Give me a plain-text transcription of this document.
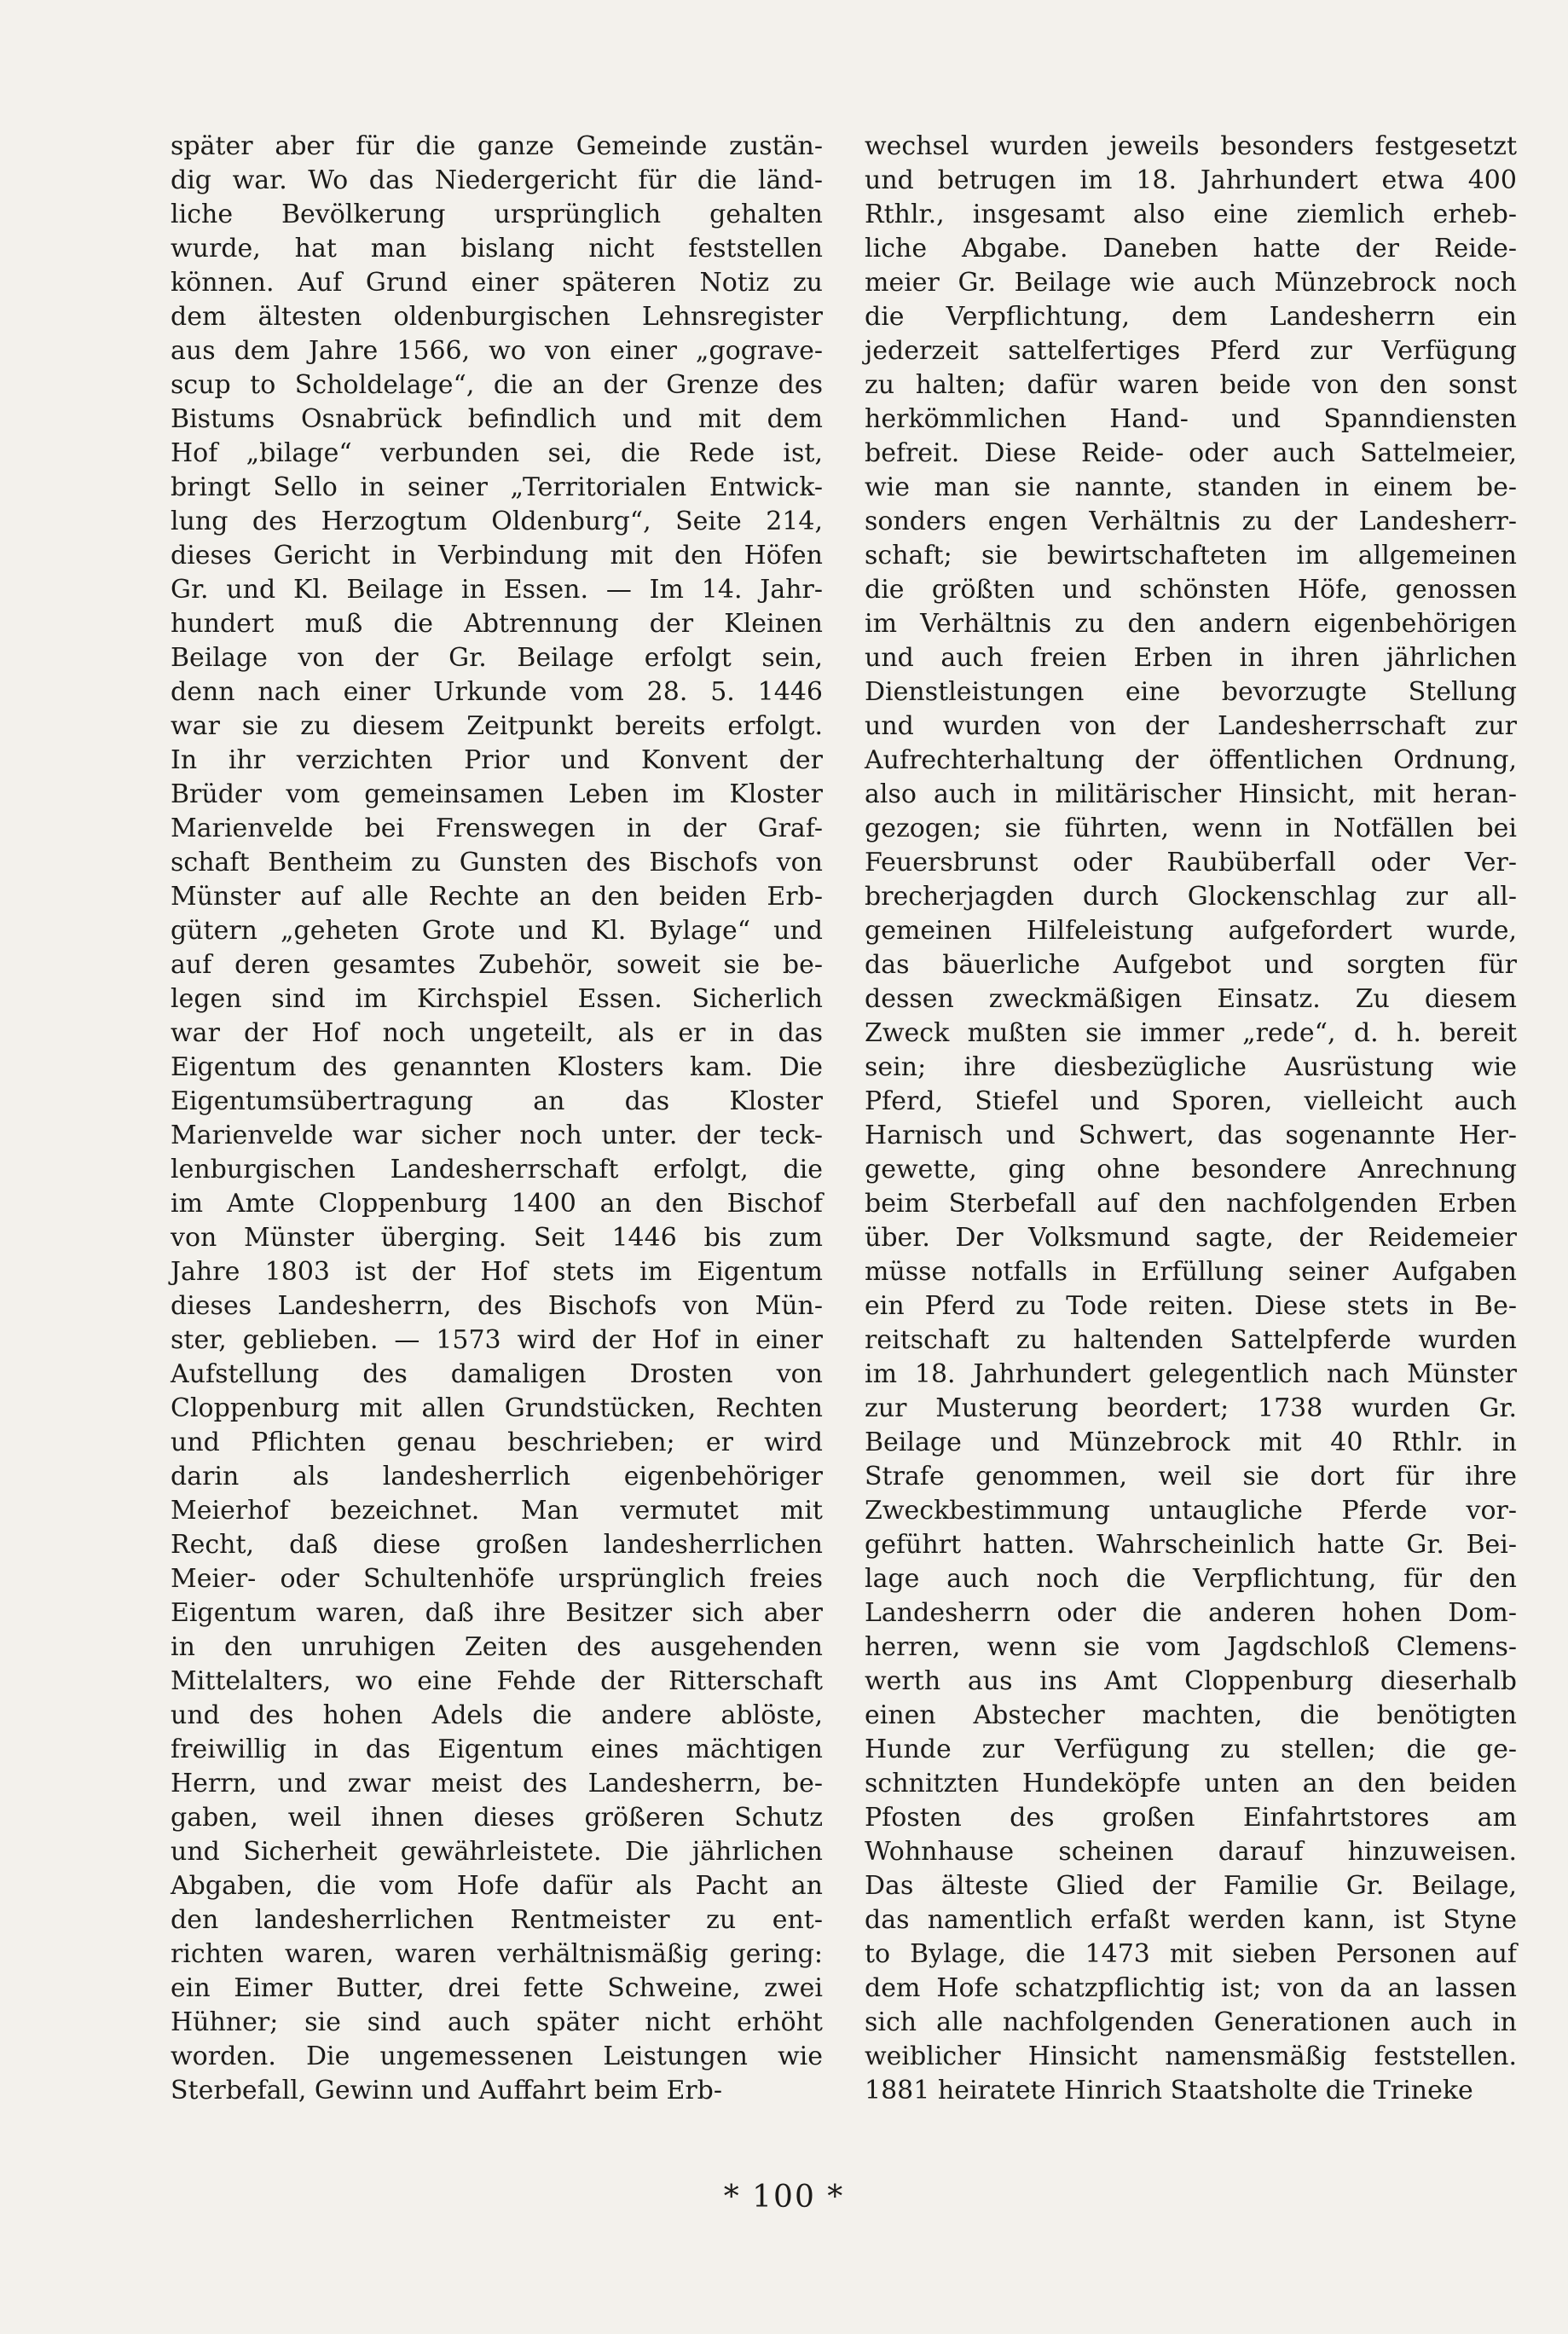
später aber für die ganze Gemeinde zustän-
dig war. Wo das Niedergericht für die länd-
liche Bevölkerung ursprünglich gehalten
wurde, hat man bislang nicht feststellen
können. Auf Grund einer späteren Notiz zu
dem ältesten oldenburgischen Lehnsregister
aus dem Jahre 1566, wo von einer „gograve-
scup to Scholdelage“, die an der Grenze des
Bistums Osnabrück befindlich und mit dem
Hof „bilage“ verbunden sei, die Rede ist,
bringt Sello in seiner „Territorialen Entwick-
lung des Herzogtum Oldenburg“, Seite 214,
dieses Gericht in Verbindung mit den Höfen
Gr. und Kl. Beilage in Essen. — Im 14. Jahr-
hundert muß die Abtrennung der Kleinen
Beilage von der Gr. Beilage erfolgt sein,
denn nach einer Urkunde vom 28. 5. 1446
war sie zu diesem Zeitpunkt bereits erfolgt.
In ihr verzichten Prior und Konvent der
Brüder vom gemeinsamen Leben im Kloster
Marienvelde bei Frenswegen in der Graf-
schaft Bentheim zu Gunsten des Bischofs von
Münster auf alle Rechte an den beiden Erb-
gütern „geheten Grote und Kl. Bylage“ und
auf deren gesamtes Zubehör, soweit sie be-
legen sind im Kirchspiel Essen. Sicherlich
war der Hof noch ungeteilt, als er in das
Eigentum des genannten Klosters kam. Die
Eigentumsübertragung an das Kloster
Marienvelde war sicher noch unter. der teck-
lenburgischen Landesherrschaft erfolgt, die
im Amte Cloppenburg 1400 an den Bischof
von Münster überging. Seit 1446 bis zum
Jahre 1803 ist der Hof stets im Eigentum
dieses Landesherrn, des Bischofs von Mün-
ster, geblieben. — 1573 wird der Hof in einer
Aufstellung des damaligen Drosten von
Cloppenburg mit allen Grundstücken, Rechten
und Pflichten genau beschrieben; er wird
darin als landesherrlich eigenbehöriger
Meierhof bezeichnet. Man vermutet mit
Recht, daß diese großen landesherrlichen
Meier- oder Schultenhöfe ursprünglich freies
Eigentum waren, daß ihre Besitzer sich aber
in den unruhigen Zeiten des ausgehenden
Mittelalters, wo eine Fehde der Ritterschaft
und des hohen Adels die andere ablöste,
freiwillig in das Eigentum eines mächtigen
Herrn, und zwar meist des Landesherrn, be-
gaben, weil ihnen dieses größeren Schutz
und Sicherheit gewährleistete. Die jährlichen
Abgaben, die vom Hofe dafür als Pacht an
den landesherrlichen Rentmeister zu ent-
richten waren, waren verhältnismäßig gering:
ein Eimer Butter, drei fette Schweine, zwei
Hühner; sie sind auch später nicht erhöht
worden. Die ungemessenen Leistungen wie
Sterbefall, Gewinn und Auffahrt beim Erb-
wechsel wurden jeweils besonders festgesetzt
und betrugen im 18. Jahrhundert etwa 400
Rthlr., insgesamt also eine ziemlich erheb-
liche Abgabe. Daneben hatte der Reide-
meier Gr. Beilage wie auch Münzebrock noch
die Verpflichtung, dem Landesherrn ein
jederzeit sattelfertiges Pferd zur Verfügung
zu halten; dafür waren beide von den sonst
herkömmlichen Hand- und Spanndiensten
befreit. Diese Reide- oder auch Sattelmeier,
wie man sie nannte, standen in einem be-
sonders engen Verhältnis zu der Landesherr-
schaft; sie bewirtschafteten im allgemeinen
die größten und schönsten Höfe, genossen
im Verhältnis zu den andern eigenbehörigen
und auch freien Erben in ihren jährlichen
Dienstleistungen eine bevorzugte Stellung
und wurden von der Landesherrschaft zur
Aufrechterhaltung der öffentlichen Ordnung,
also auch in militärischer Hinsicht, mit heran-
gezogen; sie führten, wenn in Notfällen bei
Feuersbrunst oder Raubüberfall oder Ver-
brecherjagden durch Glockenschlag zur all-
gemeinen Hilfeleistung aufgefordert wurde,
das bäuerliche Aufgebot und sorgten für
dessen zweckmäßigen Einsatz. Zu diesem
Zweck mußten sie immer „rede“, d. h. bereit
sein; ihre diesbezügliche Ausrüstung wie
Pferd, Stiefel und Sporen, vielleicht auch
Harnisch und Schwert, das sogenannte Her-
gewette, ging ohne besondere Anrechnung
beim Sterbefall auf den nachfolgenden Erben
über. Der Volksmund sagte, der Reidemeier
müsse notfalls in Erfüllung seiner Aufgaben
ein Pferd zu Tode reiten. Diese stets in Be-
reitschaft zu haltenden Sattelpferde wurden
im 18. Jahrhundert gelegentlich nach Münster
zur Musterung beordert; 1738 wurden Gr.
Beilage und Münzebrock mit 40 Rthlr. in
Strafe genommen, weil sie dort für ihre
Zweckbestimmung untaugliche Pferde vor-
geführt hatten. Wahrscheinlich hatte Gr. Bei-
lage auch noch die Verpflichtung, für den
Landesherrn oder die anderen hohen Dom-
herren, wenn sie vom Jagdschloß Clemens-
werth aus ins Amt Cloppenburg dieserhalb
einen Abstecher machten, die benötigten
Hunde zur Verfügung zu stellen; die ge-
schnitzten Hundeköpfe unten an den beiden
Pfosten des großen Einfahrtstores am
Wohnhause scheinen darauf hinzuweisen.
Das älteste Glied der Familie Gr. Beilage,
das namentlich erfaßt werden kann, ist Styne
to Bylage, die 1473 mit sieben Personen auf
dem Hofe schatzpflichtig ist; von da an lassen
sich alle nachfolgenden Generationen auch in
weiblicher Hinsicht namensmäßig feststellen.
1881 heiratete Hinrich Staatsholte die Trineke
* 100 *
